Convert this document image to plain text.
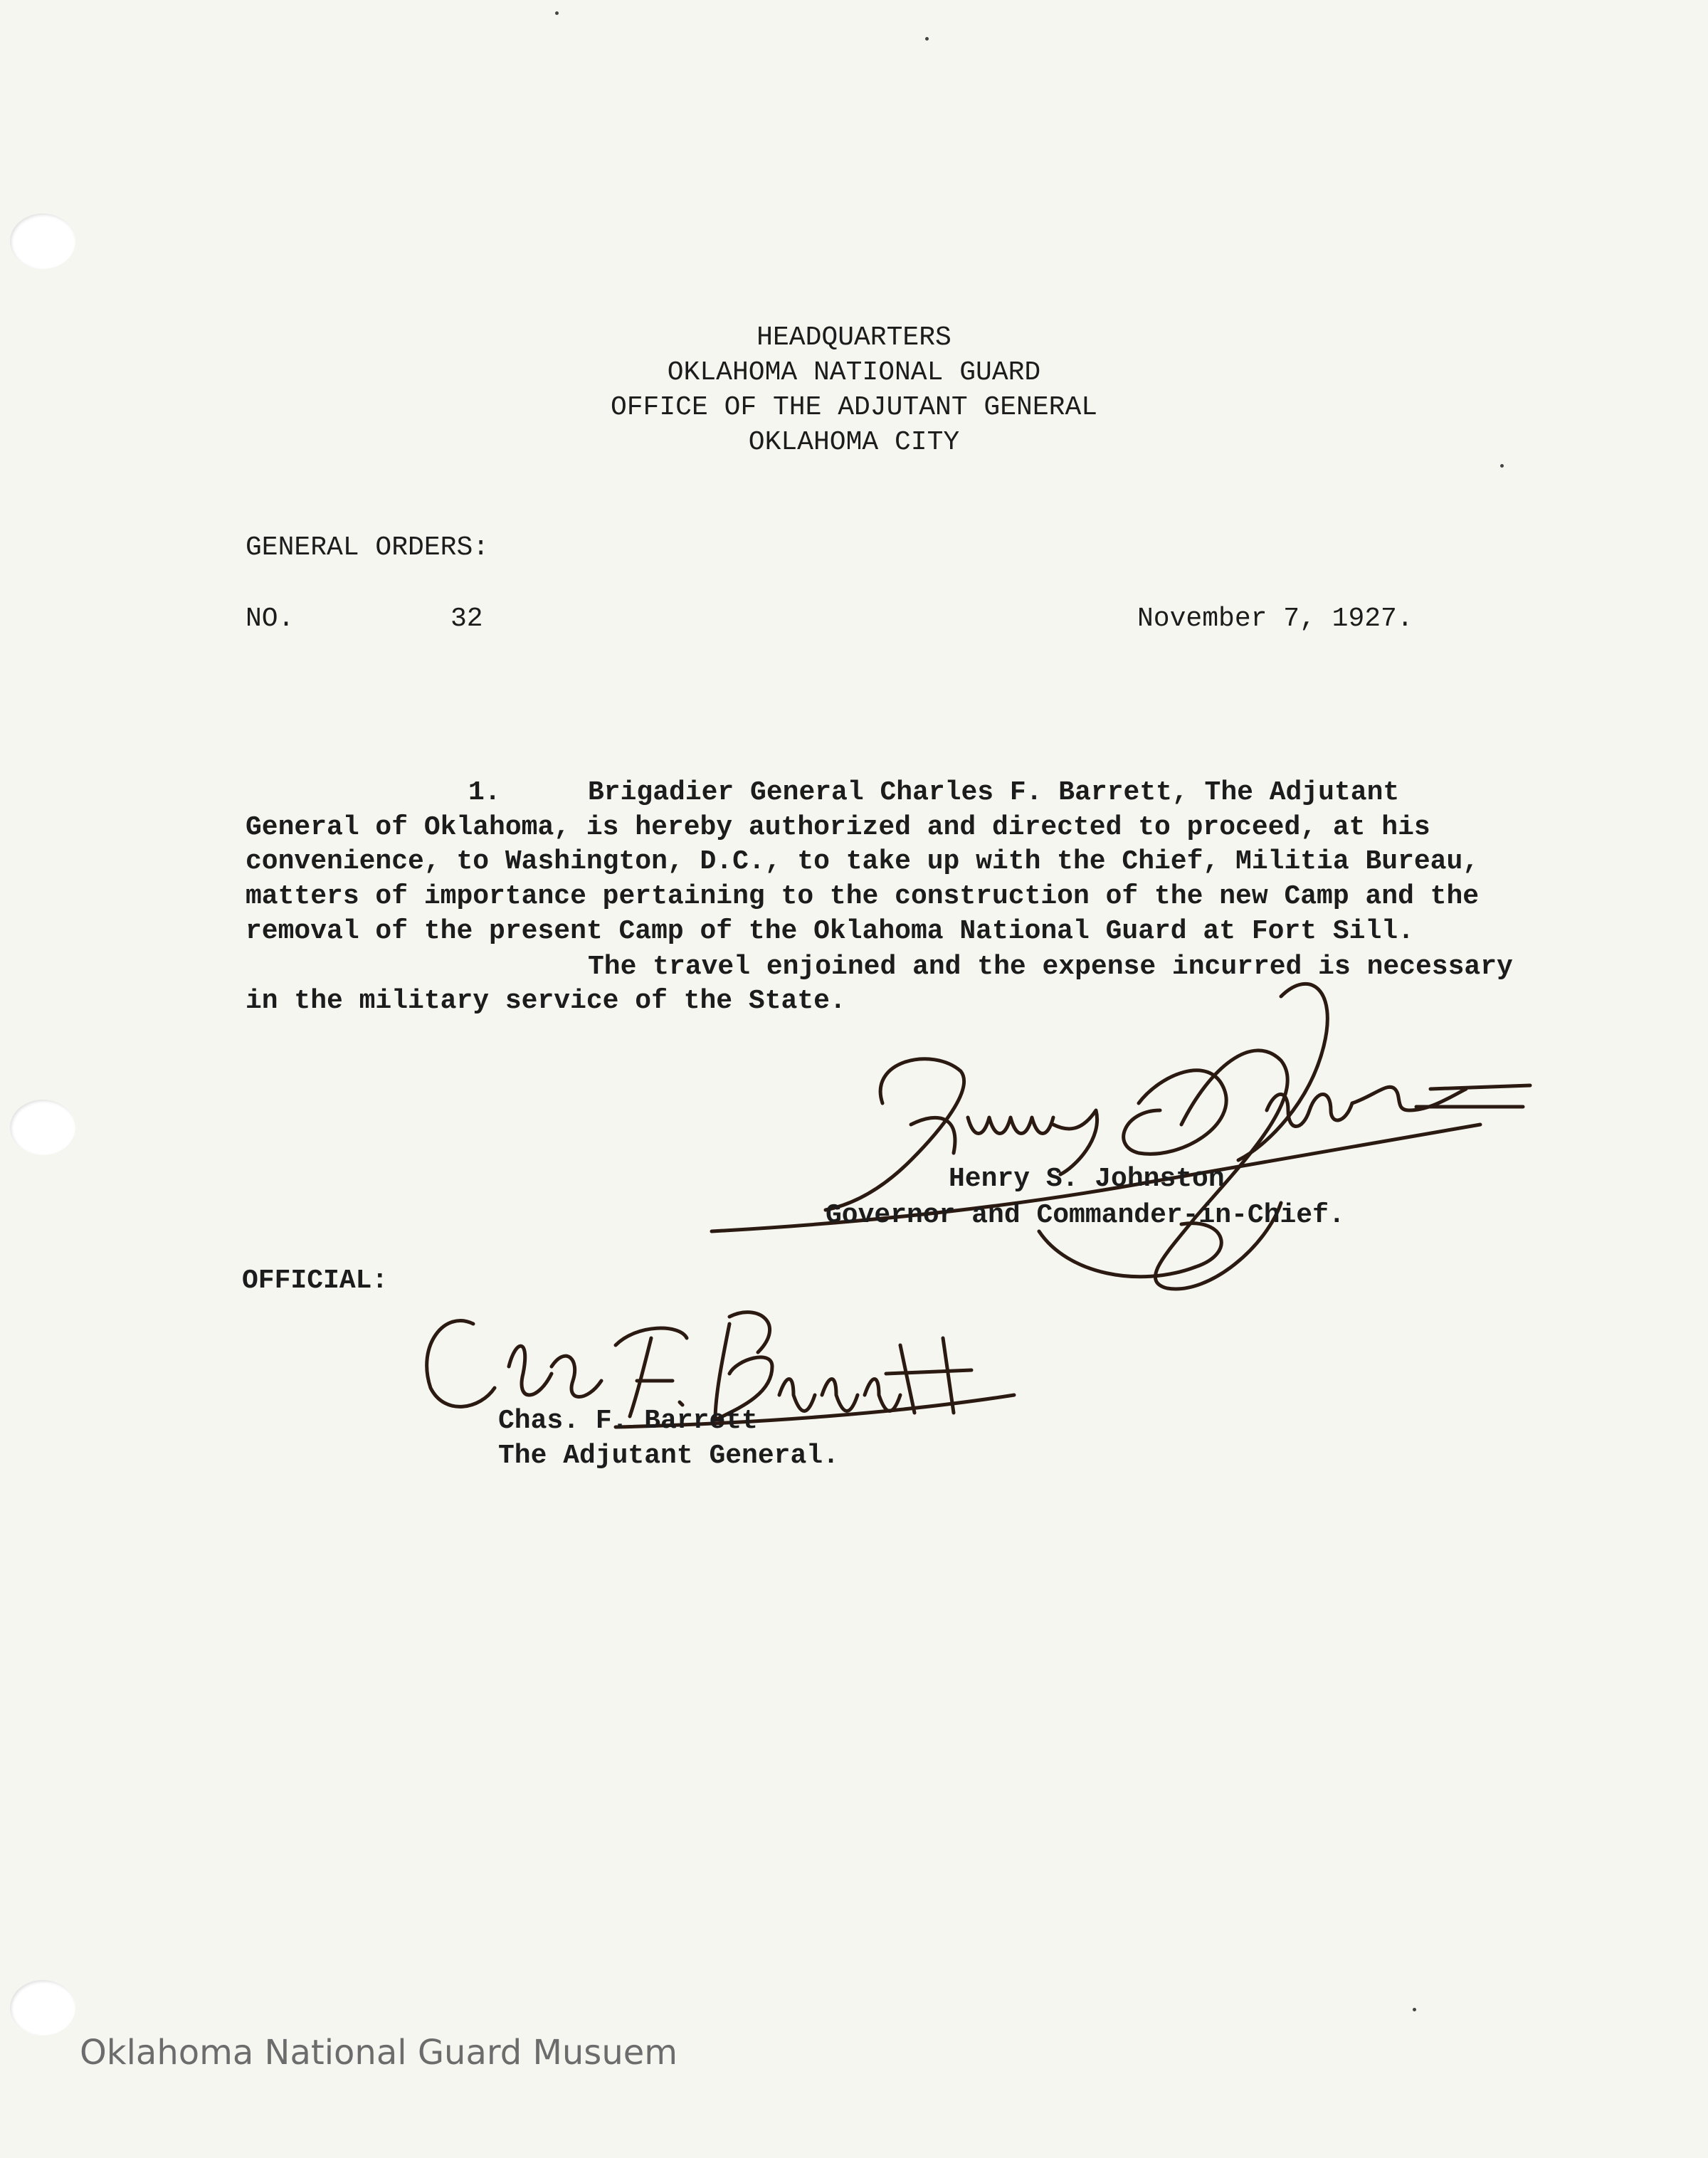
HEADQUARTERS
OKLAHOMA NATIONAL GUARD
OFFICE OF THE ADJUTANT GENERAL
OKLAHOMA CITY
GENERAL ORDERS:
NO.	32	November 7, 1927.
1.	Brigadier General Charles F. Barrett, The Adjutant
General of Oklahoma, is hereby authorized and directed to proceed, at his
convenience, to Washington, D.C., to take up with the Chief, Militia Bureau,
matters of importance pertaining to the construction of the new Camp and the
removal of the present Camp of the Oklahoma National Guard at Fort Sill.
The travel enjoined and the expense incurred is necessary
in the military service of the State.
Henry S. Johnston
Governor and Commander-in-Chief.
OFFICIAL:
Chas. F. Barrett
The Adjutant General.
Oklahoma National Guard Musuem
